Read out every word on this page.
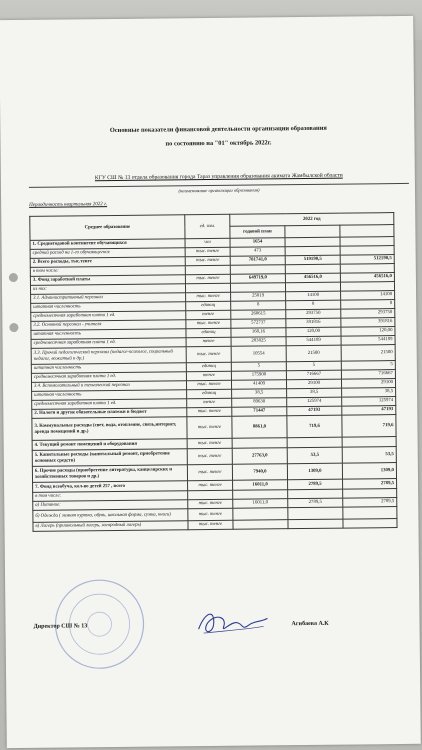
Основные показатели финансовой деятельности организации образования
по состоянию на "01" октябрь 2022г.
КГУ СШ № 13 отдела образования города Тараз управления образования акимата Жамбылской области
(наименование организации образования)
Периодичность квартальная 2022 г.
Среднее образование	ед. изм.	2022 год		
		годовой план		
1. Среднегодовой контингент обучающихся	чел	1654		
средний расход на 1-го обучающегося	тыс. тенге	473		
2. Всего расходы, тыс.тенге	тыс. тенге	781741,0	519190,5	512190,5
в том числе:				
3. Фонд заработной платы	тыс. тенге	649719,0	456516,0	456516,0
из них:				
3.1. Административный персонал	тыс. тенге	25019	14100	14100
штатная численность	единиц	8	8	8
среднемесячная заработная плата 1 ед.	тенге	260615	293750	293750
3.2. Основной персонал - учителя	тыс. тенге	572737	391816	391816
штатная численность	единиц	168,16	120,00	120,00
среднемесячная заработная плата 1 ед.	тенге	283825	544189	544189
3.3. Прочий педагогический персонал (педагог-психолог, социальный педагог, вожатый и др.)	тыс. тенге	10554	21500	21500
штатная численность	единиц	5	5	5
среднемесячная заработная плата 1 ед.	тенге	175900	716667	716667
3.4. Вспомогательный и технический персонал	тыс. тенге	41409	29100	29100
штатная численность	единиц	38,5	38,5	38,5
среднемесячная заработная плата 1 ед.	тенге	89630	125974	125974
2. Налоги и другие обязательные платежи в бюджет	тыс. тенге	71447	47193	47193
3. Коммунальные расходы (свет, вода, отопление, связь,интернет, аренда помещений и др.)	тыс. тенге	8861,0	719,6	719,6
4. Текущий ремонт помещений и оборудования	тыс. тенге			
5. Капитальные расходы (капитальный ремонт, приобретение основных средств)	тыс. тенге	27763,0	53,5	53,5
6. Прочие расходы (приобретение литературы, канцелярских и хозяйственных товаров и др.)	тыс. тенге	7940,0	1309,0	1309,0
7. Фонд всеобуча, кол-во детей 257 , всего	тыс. тенге	16011,0	2789,5	2789,5
в том числе:				
а) Питание:	тыс. тенге	16011,0	2789,5	2789,5
б) Одежда ( зимняя куртка, обувь, школьная форма, сумка, книги)	тыс. тенге			
в) Лагерь (пришкольный лагерь, загородный лагерь)	тыс. тенге			
Директор СШ № 13	Агибаева А.К
